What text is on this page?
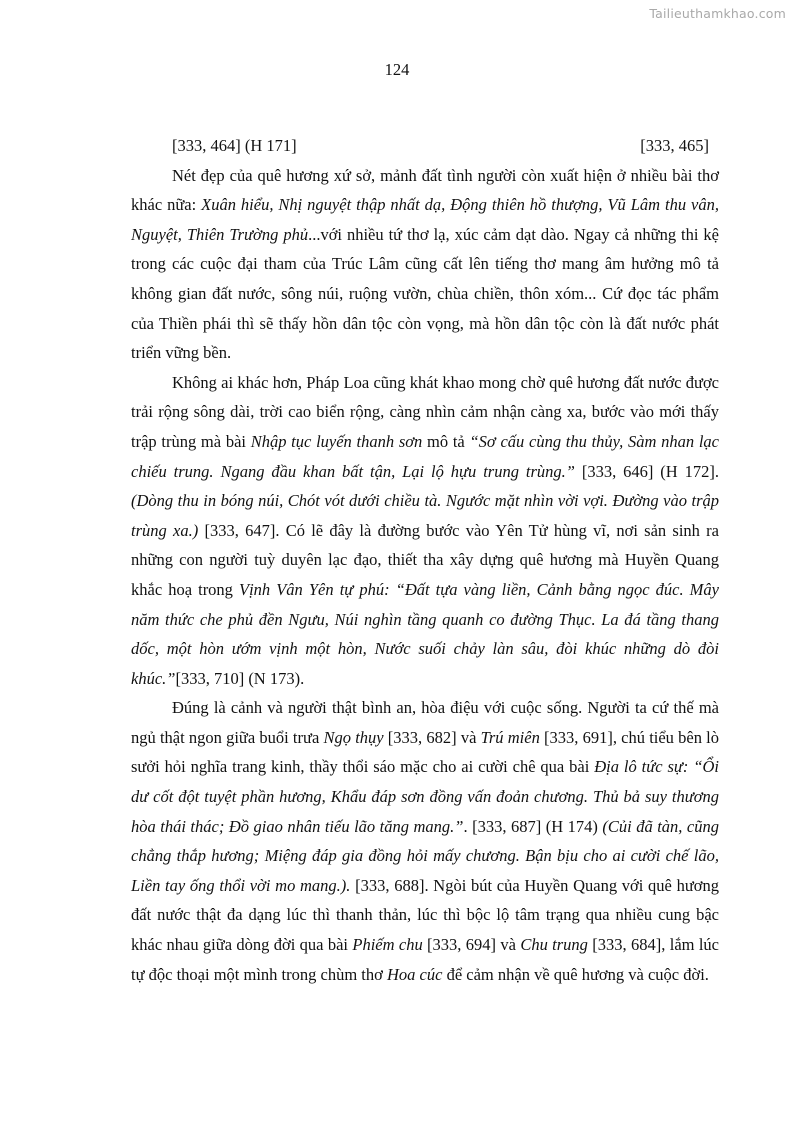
Tailieuthamkhao.com
124
[333, 464] (H 171]	[333, 465]

Nét đẹp của quê hương xứ sở, mảnh đất tình người còn xuất hiện ở nhiều bài thơ khác nữa: Xuân hiểu, Nhị nguyệt thập nhất dạ, Động thiên hồ thượng, Vũ Lâm thu vân, Nguyệt, Thiên Trường phủ...với nhiều tứ thơ lạ, xúc cảm dạt dào. Ngay cả những thi kệ trong các cuộc đại tham của Trúc Lâm cũng cất lên tiếng thơ mang âm hưởng mô tả không gian đất nước, sông núi, ruộng vườn, chùa chiền, thôn xóm... Cứ đọc tác phẩm của Thiền phái thì sẽ thấy hồn dân tộc còn vọng, mà hồn dân tộc còn là đất nước phát triển vững bền.

Không ai khác hơn, Pháp Loa cũng khát khao mong chờ quê hương đất nước được trải rộng sông dài, trời cao biển rộng, càng nhìn cảm nhận càng xa, bước vào mới thấy trập trùng mà bài Nhập tục luyến thanh sơn mô tả “Sơ cấu cùng thu thủy, Sàm nhan lạc chiếu trung. Ngang đầu khan bất tận, Lại lộ hựu trung trùng.” [333, 646] (H 172]. (Dòng thu in bóng núi, Chót vót dưới chiều tà. Ngước mặt nhìn vời vợi. Đường vào trập trùng xa.) [333, 647]. Có lẽ đây là đường bước vào Yên Tử hùng vĩ, nơi sản sinh ra những con người tuỳ duyên lạc đạo, thiết tha xây dựng quê hương mà Huyền Quang khắc hoạ trong Vịnh Vân Yên tự phú: “Đất tựa vàng liền, Cảnh bằng ngọc đúc. Mây năm thức che phủ đền Ngưu, Núi nghìn tầng quanh co đường Thục. La đá tầng thang dốc, một hòn ướm vịnh một hòn, Nước suối chảy làn sâu, đòi khúc những dò đòi khúc.”[333, 710] (N 173).

Đúng là cảnh và người thật bình an, hòa điệu với cuộc sống. Người ta cứ thế mà ngủ thật ngon giữa buổi trưa Ngọ thụy [333, 682] và Trú miên [333, 691], chú tiểu bên lò sưởi hỏi nghĩa trang kinh, thầy thổi sáo mặc cho ai cười chê qua bài Địa lô tức sự: “Ổi dư cốt đột tuyệt phần hương, Khẩu đáp sơn đồng vấn đoản chương. Thủ bả suy thương hòa thái thác; Đồ giao nhân tiếu lão tăng mang.”. [333, 687] (H 174) (Củi đã tàn, cũng chẳng thắp hương; Miệng đáp gia đồng hỏi mấy chương. Bận bịu cho ai cười chế lão, Liền tay ống thổi vời mo mang.). [333, 688]. Ngòi bút của Huyền Quang với quê hương đất nước thật đa dạng lúc thì thanh thản, lúc thì bộc lộ tâm trạng qua nhiều cung bậc khác nhau giữa dòng đời qua bài Phiếm chu [333, 694] và Chu trung [333, 684], lắm lúc tự độc thoại một mình trong chùm thơ Hoa cúc để cảm nhận về quê hương và cuộc đời.
